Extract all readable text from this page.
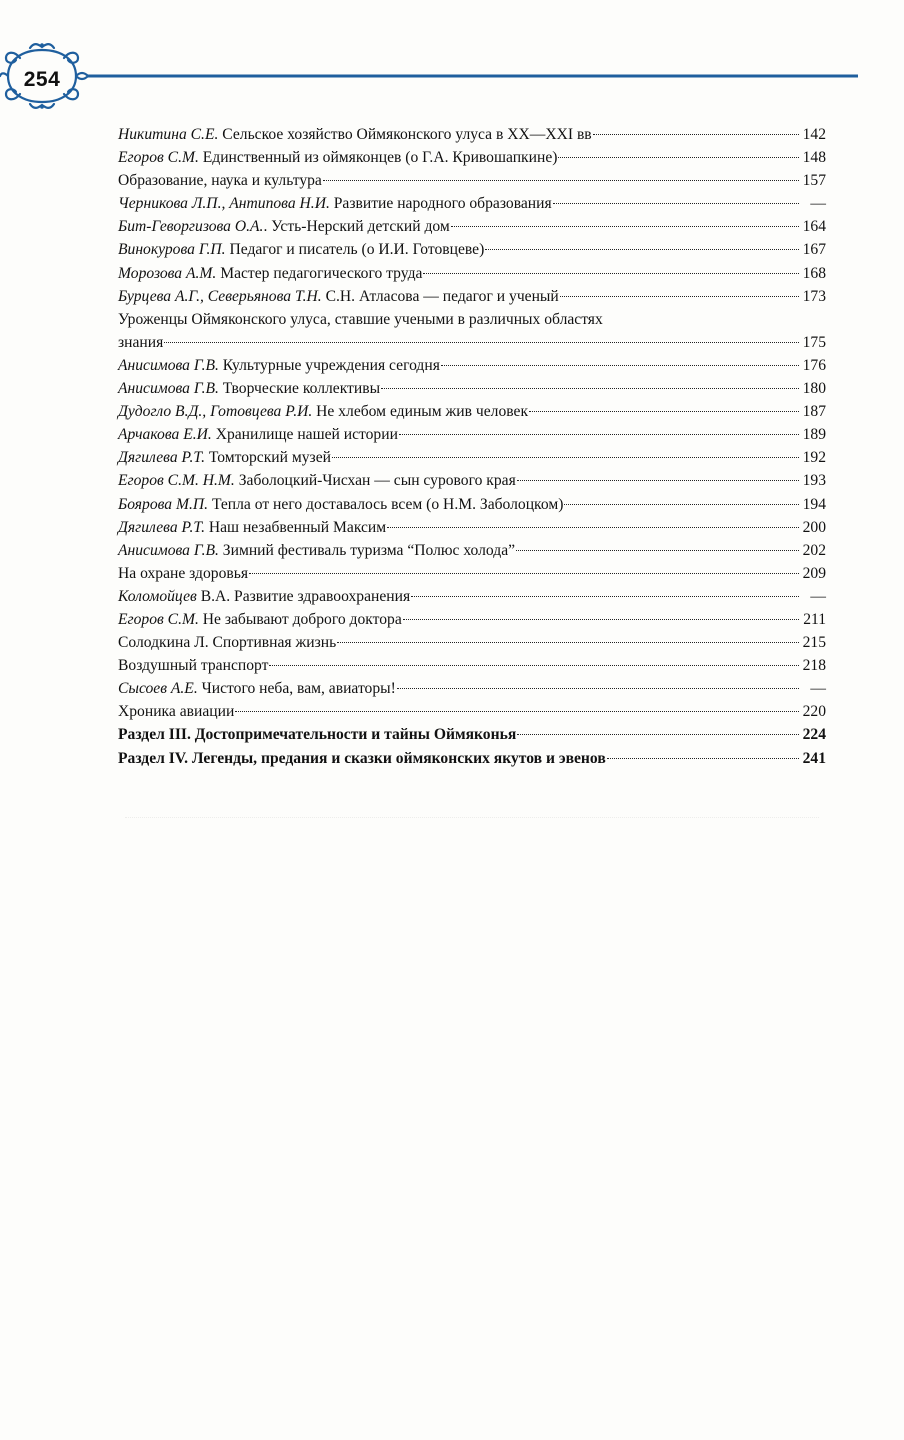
254
Никитина С.Е. Сельское хозяйство Оймяконского улуса в XX—XXI вв	142
Егоров С.М. Единственный из оймяконцев (о Г.А. Кривошапкине)	148
Образование, наука и культура	157
Черникова Л.П., Антипова Н.И. Развитие народного образования	—
Бит-Геворгизова О.А.. Усть-Нерский детский дом	164
Винокурова Г.П. Педагог и писатель (о И.И. Готовцеве)	167
Морозова А.М. Мастер педагогического труда	168
Бурцева А.Г., Северьянова Т.Н. С.Н. Атласова — педагог и ученый	173
Уроженцы Оймяконского улуса, ставшие учеными в различных областях
знания	175
Анисимова Г.В. Культурные учреждения сегодня	176
Анисимова Г.В. Творческие коллективы	180
Дудогло В.Д., Готовцева Р.И. Не хлебом единым жив человек	187
Арчакова Е.И. Хранилище нашей истории	189
Дягилева Р.Т. Томторский музей	192
Егоров С.М. Н.М. Заболоцкий-Чисхан — сын сурового края	193
Боярова М.П. Тепла от него доставалось всем (о Н.М. Заболоцком)	194
Дягилева Р.Т. Наш незабвенный Максим	200
Анисимова Г.В. Зимний фестиваль туризма “Полюс холода”	202
На охране здоровья	209
Коломойцев В.А. Развитие здравоохранения	—
Егоров С.М. Не забывают доброго доктора	211
Солодкина Л. Спортивная жизнь	215
Воздушный транспорт	218
Сысоев А.Е. Чистого неба, вам, авиаторы!	—
Хроника авиации	220
Раздел III. Достопримечательности и тайны Оймяконья	224
Раздел IV. Легенды, предания и сказки оймяконских якутов и эвенов	241
